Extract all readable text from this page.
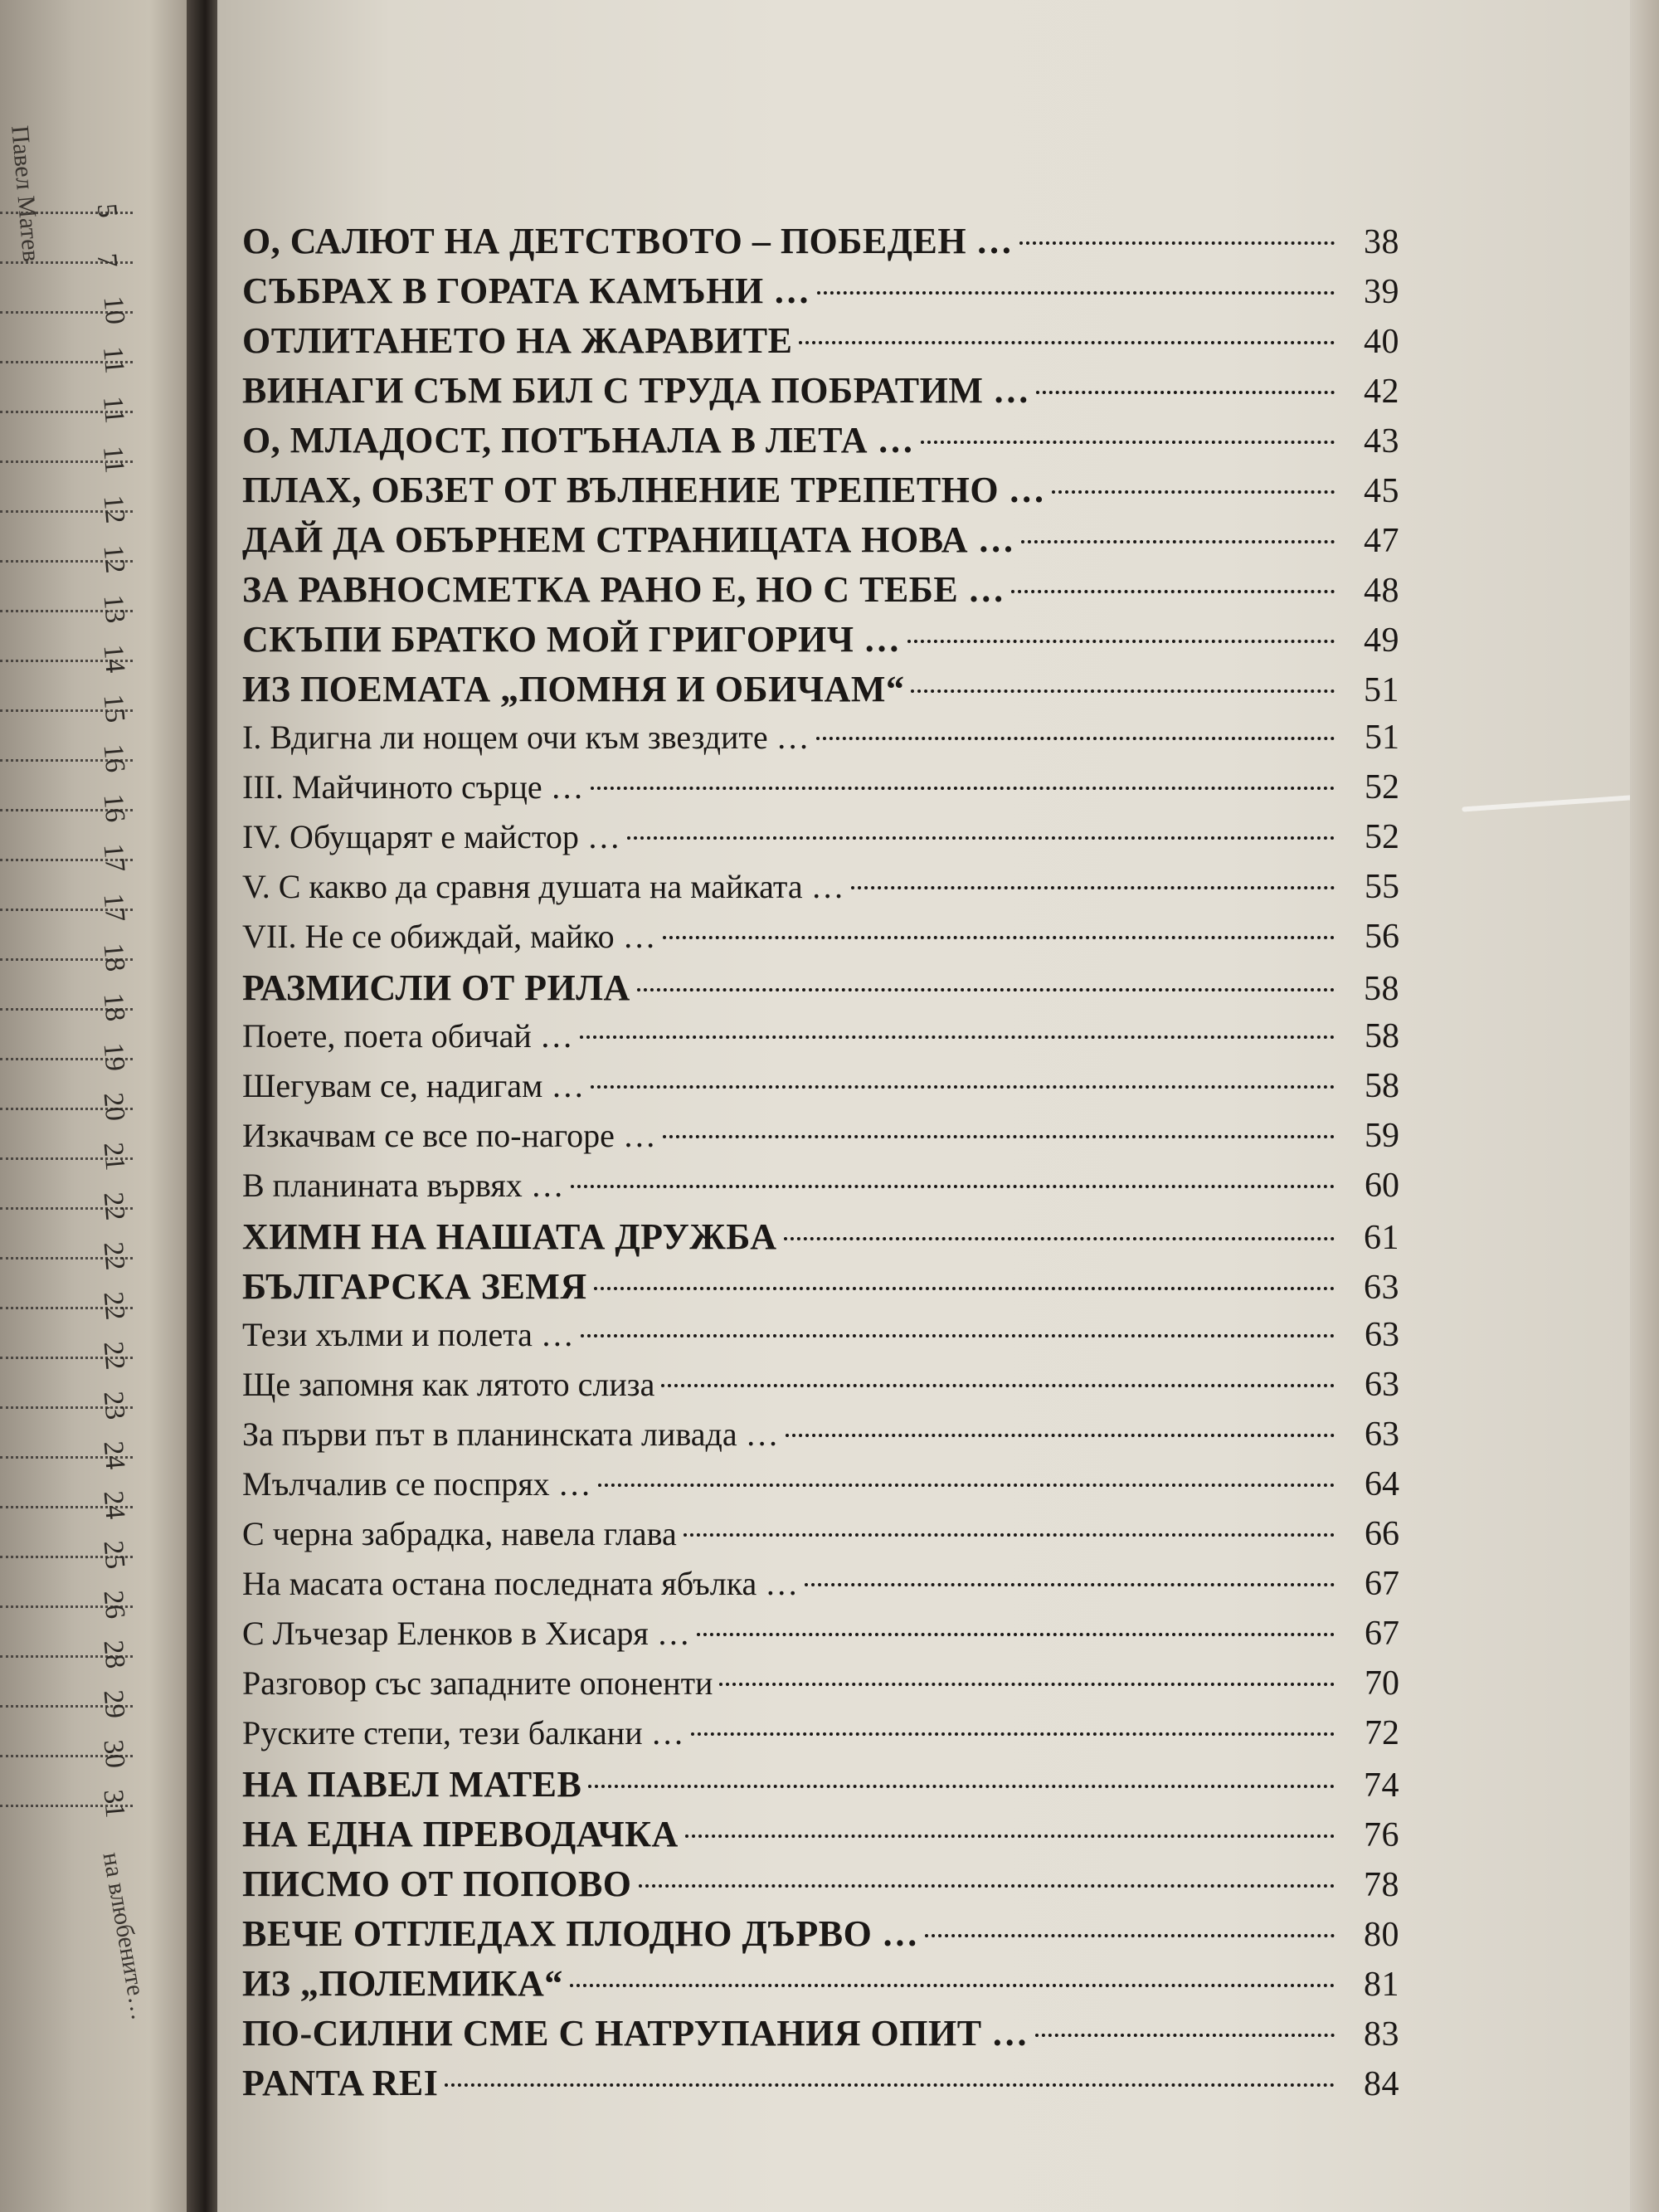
Павел Матев 5
7
10
11
11
11
12
12
13
14
15
16
16
17
17
18
18
19
20
21
22
22
22
22
23
24
24
25
26
28
29
30
31
на влюбените…
О, САЛЮТ НА ДЕТСТВОТО – ПОБЕДЕН …	38
СЪБРАХ В ГОРАТА КАМЪНИ …	39
ОТЛИТАНЕТО НА ЖАРАВИТЕ	40
ВИНАГИ СЪМ БИЛ С ТРУДА ПОБРАТИМ …	42
О, МЛАДОСТ, ПОТЪНАЛА В ЛЕТА …	43
ПЛАХ, ОБЗЕТ ОТ ВЪЛНЕНИЕ ТРЕПЕТНО …	45
ДАЙ ДА ОБЪРНЕМ СТРАНИЦАТА НОВА …	47
ЗА РАВНОСМЕТКА РАНО Е, НО С ТЕБЕ …	48
СКЪПИ БРАТКО МОЙ ГРИГОРИЧ …	49
ИЗ ПОЕМАТА „ПОМНЯ И ОБИЧАМ“	51
I. Вдигна ли нощем очи към звездите …	51
III. Майчиното сърце …	52
IV. Обущарят е майстор …	52
V. С какво да сравня душата на майката …	55
VII. Не се обиждай, майко …	56
РАЗМИСЛИ ОТ РИЛА	58
Поете, поета обичай …	58
Шегувам се, надигам …	58
Изкачвам се все по-нагоре …	59
В планината вървях …	60
ХИМН НА НАШАТА ДРУЖБА	61
БЪЛГАРСКА ЗЕМЯ	63
Тези хълми и полета …	63
Ще запомня как лятото слиза	63
За първи път в планинската ливада …	63
Мълчалив се поспрях …	64
С черна забрадка, навела глава	66
На масата остана последната ябълка …	67
С Лъчезар Еленков в Хисаря …	67
Разговор със западните опоненти	70
Руските степи, тези балкани …	72
НА ПАВЕЛ МАТЕВ	74
НА ЕДНА ПРЕВОДАЧКА	76
ПИСМО ОТ ПОПОВО	78
ВЕЧЕ ОТГЛЕДАХ ПЛОДНО ДЪРВО …	80
ИЗ „ПОЛЕМИКА“	81
ПО-СИЛНИ СМЕ С НАТРУПАНИЯ ОПИТ …	83
PANTA REI	84
